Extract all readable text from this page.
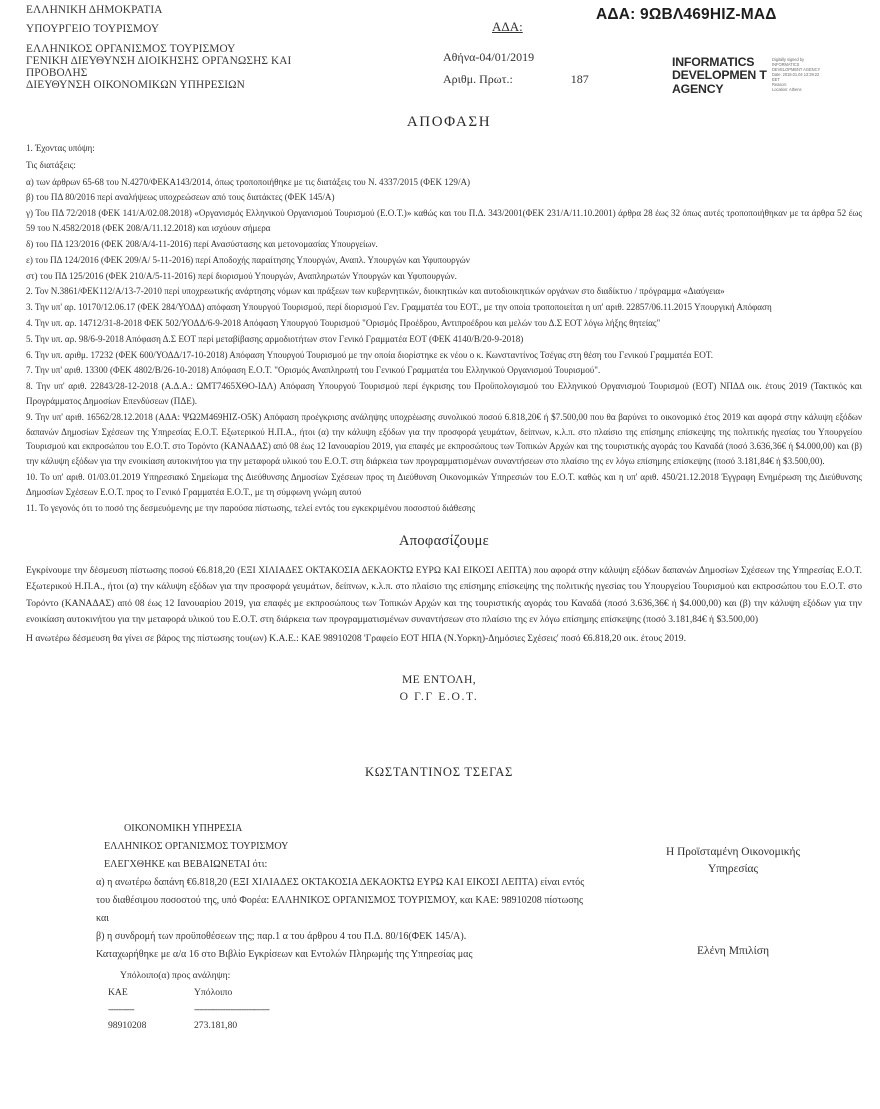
ΕΛΛΗΝΙΚΗ ΔΗΜΟΚΡΑΤΙΑ
ΥΠΟΥΡΓΕΙΟ ΤΟΥΡΙΣΜΟΥ
ΕΛΛΗΝΙΚΟΣ ΟΡΓΑΝΙΣΜΟΣ ΤΟΥΡΙΣΜΟΥ
ΓΕΝΙΚΗ ΔΙΕΥΘΥΝΣΗ ΔΙΟΙΚΗΣΗΣ ΟΡΓΑΝΩΣΗΣ ΚΑΙ
ΠΡΟΒΟΛΗΣ
ΔΙΕΥΘΥΝΣΗ ΟΙΚΟΝΟΜΙΚΩΝ ΥΠΗΡΕΣΙΩΝ
ΑΔΑ:
ΑΔΑ: 9ΩΒΛ469ΗΙΖ-ΜΑΔ
Αθήνα-04/01/2019
Αριθμ. Πρωτ.:	187
INFORMATICS DEVELOPMEN T AGENCY
Digitally signed by
INFORMATICS
DEVELOPMENT AGENCY
Date: 2019.01.04 13:39:22
EET
Reason:
Location: Athens
ΑΠΟΦΑΣΗ

1. Έχοντας υπόψη:

Τις διατάξεις:

α) των άρθρων 65-68 του Ν.4270/ΦΕΚΑ143/2014, όπως τροποποιήθηκε με τις διατάξεις του Ν. 4337/2015 (ΦΕΚ 129/Α)

β) του ΠΔ 80/2016 περί αναλήψεως υποχρεώσεων από τους διατάκτες (ΦΕΚ 145/Α)

γ) Του ΠΔ 72/2018 (ΦΕΚ 141/Α/02.08.2018) «Οργανισμός Ελληνικού Οργανισμού Τουρισμού (Ε.Ο.Τ.)» καθώς και του Π.Δ. 343/2001(ΦΕΚ 231/Α/11.10.2001) άρθρα 28 έως 32 όπως αυτές τροποποιήθηκαν με τα άρθρα 52 έως 59 του Ν.4582/2018 (ΦΕΚ 208/Α/11.12.2018) και ισχύουν σήμερα

δ) του ΠΔ 123/2016 (ΦΕΚ 208/Α/4-11-2016) περί Ανασύστασης και μετονομασίας Υπουργείων.

ε) του ΠΔ 124/2016 (ΦΕΚ 209/Α/ 5-11-2016) περί Αποδοχής παραίτησης Υπουργών, Αναπλ. Υπουργών και Υφυπουργών

στ) του ΠΔ 125/2016 (ΦΕΚ 210/Α/5-11-2016) περί διορισμού Υπουργών, Αναπληρωτών Υπουργών και Υφυπουργών.

2. Τον Ν.3861/ΦΕΚ112/Α/13-7-2010 περί υποχρεωτικής ανάρτησης νόμων και πράξεων των κυβερνητικών, διοικητικών και αυτοδιοικητικών οργάνων στο διαδίκτυο / πρόγραμμα «Διαύγεια»

3. Την υπ' αρ. 10170/12.06.17 (ΦΕΚ 284/ΥΟΔΔ) απόφαση Υπουργού Τουρισμού, περί διορισμού Γεν. Γραμματέα του ΕΟΤ., με την οποία τροποποιείται η υπ' αριθ. 22857/06.11.2015 Υπουργική Απόφαση

4. Την υπ. αρ. 14712/31-8-2018 ΦΕΚ 502/ΥΟΔΔ/6-9-2018 Απόφαση Υπουργού Τουρισμού "Ορισμός Προέδρου, Αντιπροέδρου και μελών του Δ.Σ ΕΟΤ λόγω λήξης θητείας"

5. Την υπ. αρ. 98/6-9-2018 Απόφαση Δ.Σ ΕΟΤ περί μεταβίβασης αρμοδιοτήτων στον Γενικό Γραμματέα ΕΟΤ (ΦΕΚ 4140/Β/20-9-2018)

6. Την υπ. αριθμ. 17232 (ΦΕΚ 600/ΥΟΔΔ/17-10-2018) Απόφαση Υπουργού Τουρισμού με την οποία διορίστηκε εκ νέου ο κ. Κωνσταντίνος Τσέγας στη θέση του Γενικού Γραμματέα ΕΟΤ.

7. Την υπ' αριθ. 13300 (ΦΕΚ 4802/Β/26-10-2018) Απόφαση Ε.Ο.Τ. "Ορισμός Αναπληρωτή του Γενικού Γραμματέα του Ελληνικού Οργανισμού Τουρισμού".

8. Την υπ' αριθ. 22843/28-12-2018 (Α.Δ.Α.: ΩΜΤ7465ΧΘΟ-ΙΔΛ) Απόφαση Υπουργού Τουρισμού περί έγκρισης του Προϋπολογισμού του Ελληνικού Οργανισμού Τουρισμού (ΕΟΤ) ΝΠΔΔ οικ. έτους 2019 (Τακτικός και Προγράμματος Δημοσίων Επενδύσεων (ΠΔΕ).

9. Την υπ' αριθ. 16562/28.12.2018 (ΑΔΑ: ΨΩ2Μ469ΗΙΖ-Ο5Κ) Απόφαση προέγκρισης ανάληψης υποχρέωσης συνολικού ποσού 6.818,20€ ή $7.500,00 που θα βαρύνει το οικονομικό έτος 2019 και αφορά στην κάλυψη εξόδων δαπανών Δημοσίων Σχέσεων της Υπηρεσίας Ε.Ο.Τ. Εξωτερικού Η.Π.Α., ήτοι (α) την κάλυψη εξόδων για την προσφορά γευμάτων, δείπνων, κ.λ.π. στο πλαίσιο της επίσημης επίσκεψης της πολιτικής ηγεσίας του Υπουργείου Τουρισμού και εκπροσώπου του Ε.Ο.Τ. στο Τορόντο (ΚΑΝΑΔΑΣ) από 08 έως 12 Ιανουαρίου 2019, για επαφές με εκπροσώπους των Τοπικών Αρχών και της τουριστικής αγοράς του Καναδά (ποσό 3.636,36€ ή $4.000,00) και (β) την κάλυψη εξόδων για την ενοικίαση αυτοκινήτου για την μεταφορά υλικού του Ε.Ο.Τ. στη διάρκεια των προγραμματισμένων συναντήσεων στο πλαίσιο της εν λόγω επίσημης επίσκεψης (ποσό 3.181,84€ ή $3.500,00).

10. Το υπ' αριθ. 01/03.01.2019 Υπηρεσιακό Σημείωμα της Διεύθυνσης Δημοσίων Σχέσεων προς τη Διεύθυνση Οικονομικών Υπηρεσιών του Ε.Ο.Τ. καθώς και η υπ' αριθ. 450/21.12.2018 Έγγραφη Ενημέρωση της Διεύθυνσης Δημοσίων Σχέσεων Ε.Ο.Τ. προς το Γενικό Γραμματέα Ε.Ο.Τ., με τη σύμφωνη γνώμη αυτού

11. Το γεγονός ότι το ποσό της δεσμευόμενης με την παρούσα πίστωσης, τελεί εντός του εγκεκριμένου ποσοστού διάθεσης

Αποφασίζουμε

Εγκρίνουμε την δέσμευση πίστωσης ποσού €6.818,20 (ΕΞΙ ΧΙΛΙΑΔΕΣ ΟΚΤΑΚΟΣΙΑ ΔΕΚΑΟΚΤΩ ΕΥΡΩ ΚΑΙ ΕΙΚΟΣΙ ΛΕΠΤΑ) που αφορά στην κάλυψη εξόδων δαπανών Δημοσίων Σχέσεων της Υπηρεσίας Ε.Ο.Τ. Εξωτερικού Η.Π.Α., ήτοι (α) την κάλυψη εξόδων για την προσφορά γευμάτων, δείπνων, κ.λ.π. στο πλαίσιο της επίσημης επίσκεψης της πολιτικής ηγεσίας του Υπουργείου Τουρισμού και εκπροσώπου του Ε.Ο.Τ. στο Τορόντο (ΚΑΝΑΔΑΣ) από 08 έως 12 Ιανουαρίου 2019, για επαφές με εκπροσώπους των Τοπικών Αρχών και της τουριστικής αγοράς του Καναδά (ποσό 3.636,36€ ή $4.000,00) και (β) την κάλυψη εξόδων για την ενοικίαση αυτοκινήτου για την μεταφορά υλικού του Ε.Ο.Τ. στη διάρκεια των προγραμματισμένων συναντήσεων στο πλαίσιο της εν λόγω επίσημης επίσκεψης (ποσό 3.181,84€ ή $3.500,00)

Η ανωτέρω δέσμευση θα γίνει σε βάρος της πίστωσης του(ων) Κ.Α.Ε.: ΚΑΕ 98910208 'Γραφείο ΕΟΤ ΗΠΑ (Ν.Υορκη)-Δημόσιες Σχέσεις' ποσό €6.818,20 οικ. έτους 2019.

ΜΕ ΕΝΤΟΛΗ,
Ο Γ.Γ Ε.Ο.Τ.
ΚΩΣΤΑΝΤΙΝΟΣ ΤΣΕΓΑΣ

ΟΙΚΟΝΟΜΙΚΗ ΥΠΗΡΕΣΙΑ

ΕΛΛΗΝΙΚΟΣ ΟΡΓΑΝΙΣΜΟΣ ΤΟΥΡΙΣΜΟΥ

ΕΛΕΓΧΘΗΚΕ και ΒΕΒΑΙΩΝΕΤΑΙ ότι:

α) η ανωτέρω δαπάνη €6.818,20 (ΕΞΙ ΧΙΛΙΑΔΕΣ ΟΚΤΑΚΟΣΙΑ ΔΕΚΑΟΚΤΩ ΕΥΡΩ ΚΑΙ ΕΙΚΟΣΙ ΛΕΠΤΑ) είναι εντός του διαθέσιμου ποσοστού της, υπό Φορέα: ΕΛΛΗΝΙΚΟΣ ΟΡΓΑΝΙΣΜΟΣ ΤΟΥΡΙΣΜΟΥ, και ΚΑΕ: 98910208 πίστωσης και

β) η συνδρομή των προϋποθέσεων της; παρ.1 α του άρθρου 4 του Π.Δ. 80/16(ΦΕΚ 145/Α).

Καταχωρήθηκε με α/α 16 στο Βιβλίο Εγκρίσεων και Εντολών Πληρωμής της Υπηρεσίας μας

Υπόλοιπο(α) προς ανάληψη:
ΚΑΕ	Υπόλοιπο
----------	-----------------------------
98910208	273.181,80
Η Προϊσταμένη Οικονομικής
Υπηρεσίας
Ελένη Μπιλίση
